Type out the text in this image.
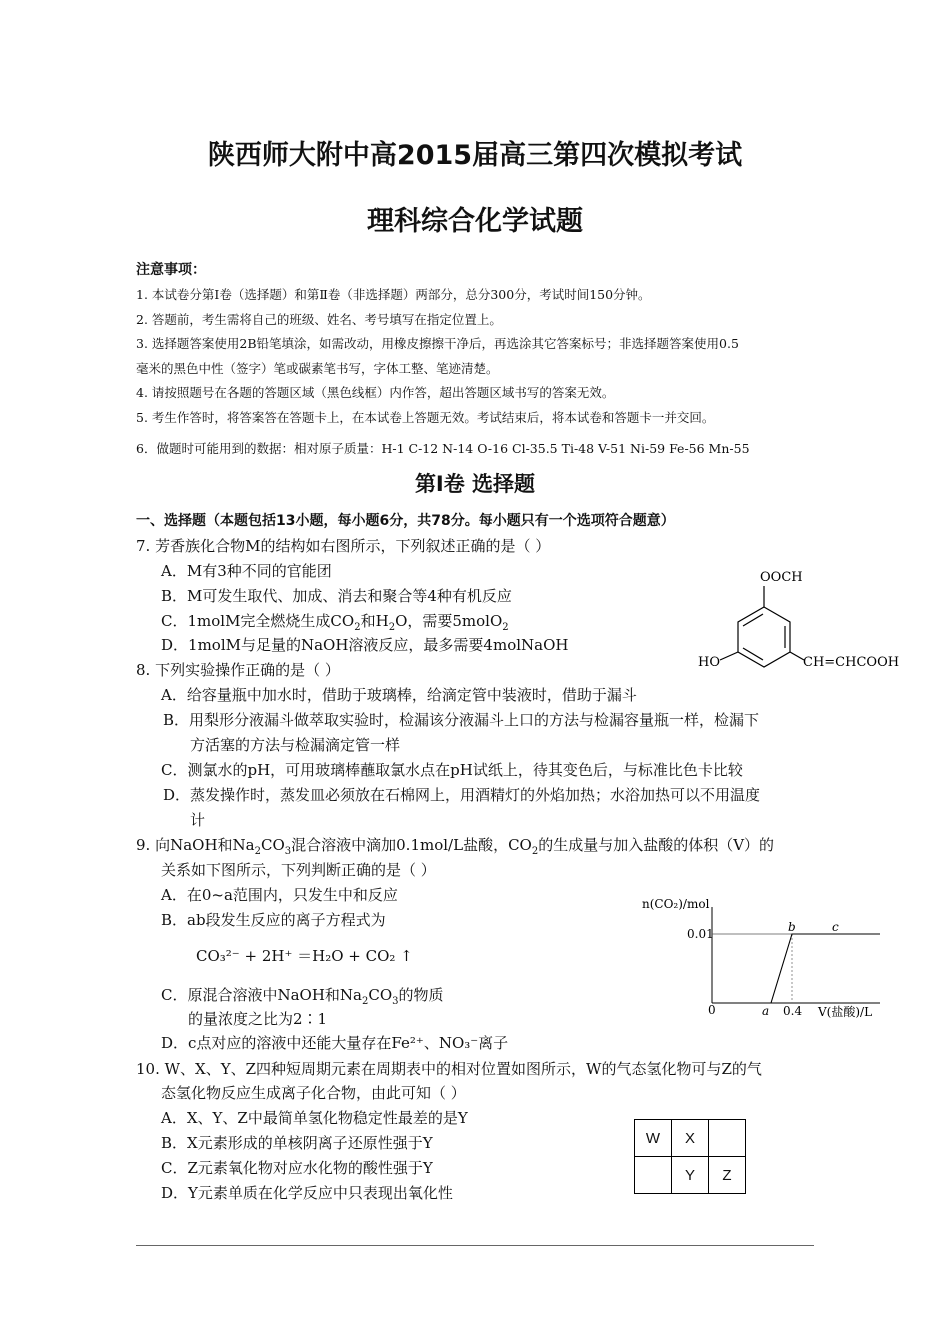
陕西师大附中高2015届高三第四次模拟考试
理科综合化学试题
注意事项：
1. 本试卷分第Ⅰ卷（选择题）和第Ⅱ卷（非选择题）两部分，总分300分，考试时间150分钟。
2. 答题前，考生需将自己的班级、姓名、考号填写在指定位置上。
3. 选择题答案使用2B铅笔填涂，如需改动，用橡皮擦擦干净后，再选涂其它答案标号；非选择题答案使用0.5
毫米的黑色中性（签字）笔或碳素笔书写，字体工整、笔迹清楚。
4. 请按照题号在各题的答题区域（黑色线框）内作答，超出答题区域书写的答案无效。
5. 考生作答时，将答案答在答题卡上，在本试卷上答题无效。考试结束后，将本试卷和答题卡一并交回。
6．做题时可能用到的数据：相对原子质量：H-1 C-12 N-14 O-16 Cl-35.5 Ti-48 V-51 Ni-59 Fe-56 Mn-55
第Ⅰ卷 选择题
一、选择题（本题包括13小题，每小题6分，共78分。每小题只有一个选项符合题意）
7. 芳香族化合物M的结构如右图所示，下列叙述正确的是（ ）
A．M有3种不同的官能团
B．M可发生取代、加成、消去和聚合等4种有机反应
C．1molM完全燃烧生成$CO_2$和$H_2O$，需要5molO$_2$
D．1molM与足量的NaOH溶液反应，最多需要4molNaOH
OOCH
HO	CH=CHCOOH
8. 下列实验操作正确的是（ ）
A．给容量瓶中加水时，借助于玻璃棒，给滴定管中装液时，借助于漏斗
B．用梨形分液漏斗做萃取实验时，检漏该分液漏斗上口的方法与检漏容量瓶一样，检漏下
方活塞的方法与检漏滴定管一样
C．测氯水的pH，可用玻璃棒蘸取氯水点在pH试纸上，待其变色后，与标准比色卡比较
D．蒸发操作时，蒸发皿必须放在石棉网上，用酒精灯的外焰加热；水浴加热可以不用温度
计
9. 向NaOH和$Na_2CO_3$混合溶液中滴加0.1mol/L盐酸，$CO_2$的生成量与加入盐酸的体积（V）的
关系如下图所示，下列判断正确的是（ ）
A．在0~a范围内，只发生中和反应
B．ab段发生反应的离子方程式为
CO₃²⁻ + 2H⁺ ＝H₂O + CO₂ ↑
C．原混合溶液中NaOH和$Na_2CO_3$的物质
的量浓度之比为2∶1
D．c点对应的溶液中还能大量存在Fe²⁺、NO₃⁻离子
n(CO₂)/mol
0.01	b	c
0	a 0.4 V(盐酸)/L
10. W、X、Y、Z四种短周期元素在周期表中的相对位置如图所示，W的气态氢化物可与Z的气
态氢化物反应生成离子化合物，由此可知（ ）
A．X、Y、Z中最简单氢化物稳定性最差的是Y
B．X元素形成的单核阴离子还原性强于Y
C．Z元素氧化物对应水化物的酸性强于Y
D．Y元素单质在化学反应中只表现出氧化性
W	X	
	Y	Z
